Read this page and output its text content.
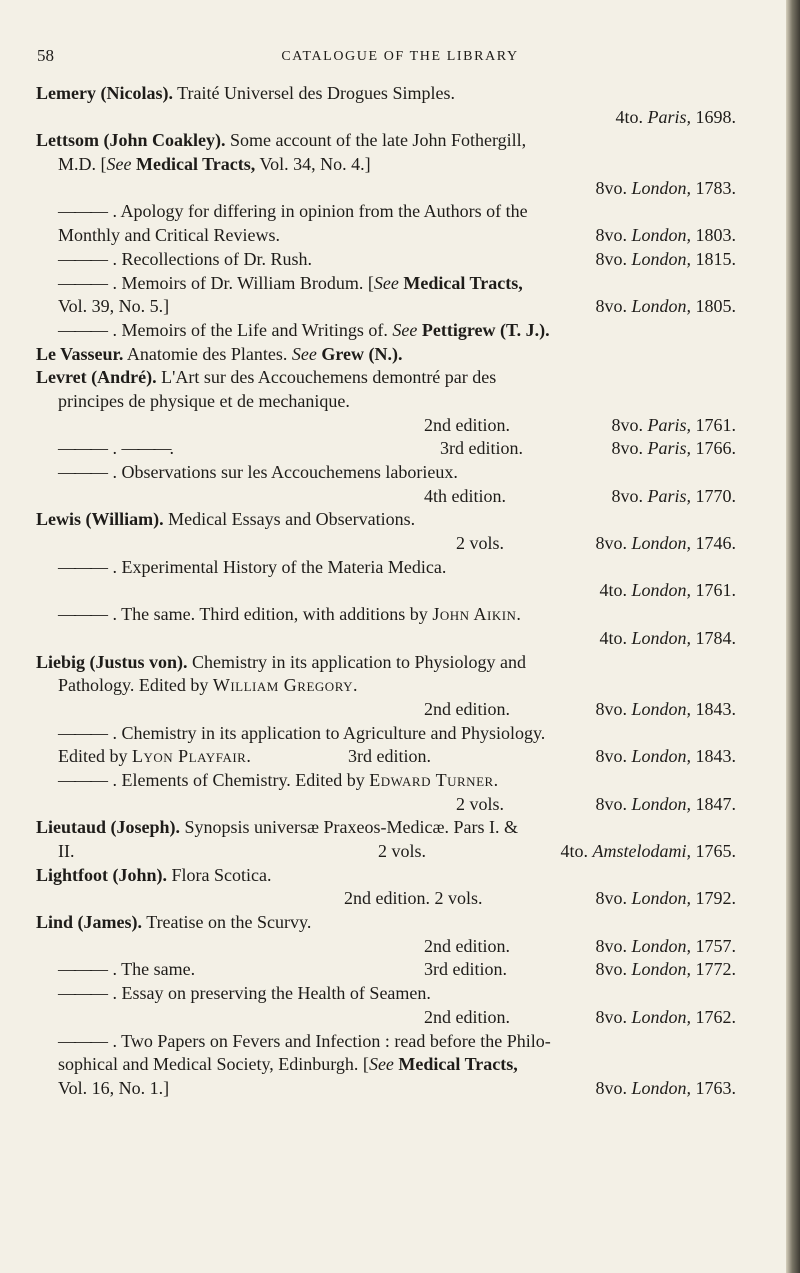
58	CATALOGUE OF THE LIBRARY
Lemery (Nicolas). Traité Universel des Drogues Simples.
4to. Paris, 1698.
Lettsom (John Coakley). Some account of the late John Fothergill,
M.D. [See Medical Tracts, Vol. 34, No. 4.]
8vo. London, 1783.
——— . Apology for differing in opinion from the Authors of the
Monthly and Critical Reviews.	8vo. London, 1803.
——— . Recollections of Dr. Rush.	8vo. London, 1815.
——— . Memoirs of Dr. William Brodum. [See Medical Tracts,
Vol. 39, No. 5.]	8vo. London, 1805.
——— . Memoirs of the Life and Writings of. See Pettigrew (T. J.).
Le Vasseur. Anatomie des Plantes. See Grew (N.).
Levret (André). L'Art sur des Accouchemens demontré par des
principes de physique et de mechanique.
2nd edition.	8vo. Paris, 1761.
——— . ———.	3rd edition.	8vo. Paris, 1766.
——— . Observations sur les Accouchemens laborieux.
4th edition.	8vo. Paris, 1770.
Lewis (William). Medical Essays and Observations.
2 vols.	8vo. London, 1746.
——— . Experimental History of the Materia Medica.
4to. London, 1761.
——— . The same. Third edition, with additions by John Aikin.
4to. London, 1784.
Liebig (Justus von). Chemistry in its application to Physiology and
Pathology. Edited by William Gregory.
2nd edition.	8vo. London, 1843.
——— . Chemistry in its application to Agriculture and Physiology.
Edited by Lyon Playfair.	3rd edition.	8vo. London, 1843.
——— . Elements of Chemistry. Edited by Edward Turner.
2 vols.	8vo. London, 1847.
Lieutaud (Joseph). Synopsis universæ Praxeos-Medicæ. Pars I. &
II.	2 vols.	4to. Amstelodami, 1765.
Lightfoot (John). Flora Scotica.
2nd edition. 2 vols.	8vo. London, 1792.
Lind (James). Treatise on the Scurvy.
2nd edition.	8vo. London, 1757.
——— . The same.	3rd edition.	8vo. London, 1772.
——— . Essay on preserving the Health of Seamen.
2nd edition.	8vo. London, 1762.
——— . Two Papers on Fevers and Infection : read before the Philo-
sophical and Medical Society, Edinburgh. [See Medical Tracts,
Vol. 16, No. 1.]	8vo. London, 1763.
